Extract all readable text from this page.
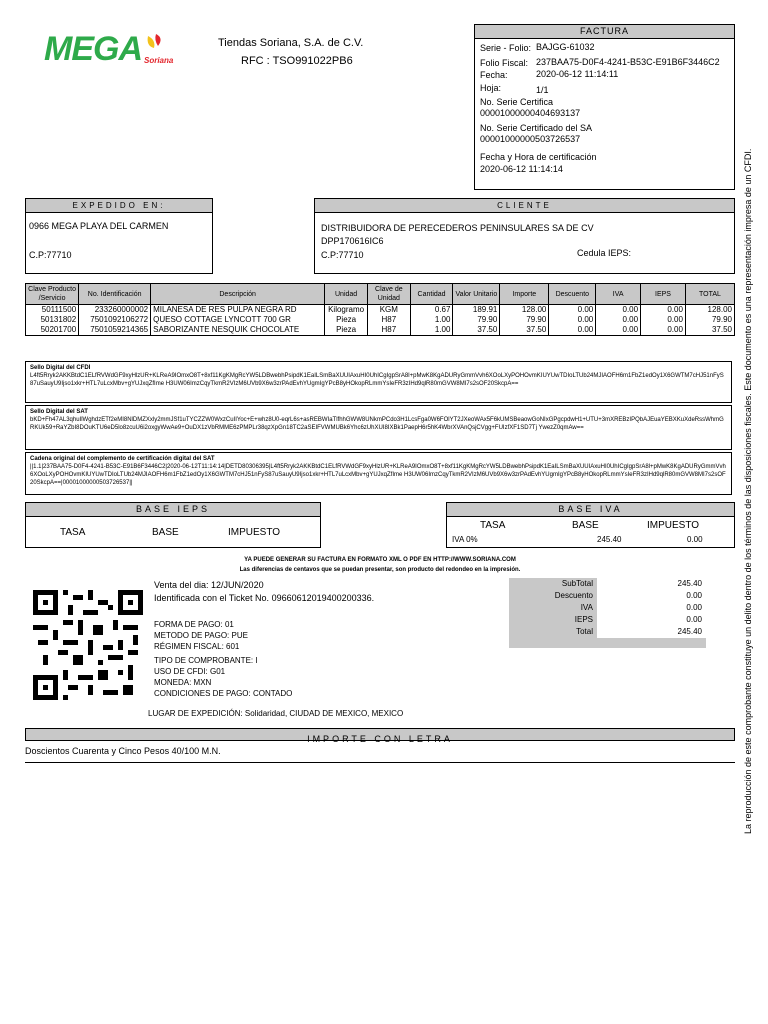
MEGA Soriana
Tiendas Soriana, S.A. de C.V.
RFC : TSO991022PB6
FACTURA
Serie - Folio: BAJGG-61032
Folio Fiscal: 237BAA75-D0F4-4241-B53C-E91B6F3446C2
Fecha:	2020-06-12 11:14:11
Hoja:	1/1
No. Serie Certifica
00001000000404693137
No. Serie Certificado del SA
00001000000503726537
Fecha y Hora de certificación
2020-06-12 11:14:14
EXPEDIDO EN:
0966 MEGA PLAYA DEL CARMEN
C.P:77710
CLIENTE
DISTRIBUIDORA DE PERECEDEROS PENINSULARES SA DE CV
DPP170616IC6
C.P:77710	Cedula IEPS:
Clave Producto /Servicio	No. Identificación	Descripción	Unidad	Clave de Unidad	Cantidad	Valor Unitario	Importe	Descuento	IVA	IEPS	TOTAL
50111500	233260000002	MILANESA DE RES PULPA NEGRA RD	Kilogramo	KGM	0.67	189.91	128.00	0.00	0.00	0.00	128.00
50131802	7501092106272	QUESO COTTAGE LYNCOTT 700 GR	Pieza	H87	1.00	79.90	79.90	0.00	0.00	0.00	79.90
50201700	7501059214365	SABORIZANTE NESQUIK CHOCOLATE	Pieza	H87	1.00	37.50	37.50	0.00	0.00	0.00	37.50
Sello Digital del CFDI
L4ft5Rryk2AKKBtdC1ELfRVWdGF9xyHlzUR+KLReA9IOmxO8T+8xf11KgKMgRcYW5LDBwebhPsipdK1EaILSmBaXUUIAxuHI0UhICgIgpSrA8l+pMwK8KgADURyGmmVvh6XOoLXyPOHOvmKIUYUwTDIoLTUb24MJIAOFH6m1FbZ1edOy1X6GWTM7cHJ51nFyS87uSauyU9Ijso1xkr+HTL7uLcxMbv+gYUJxqZfIme H3UW06ImzCqyTkmR2VIzM6UVb9X6w3zrPAdEvhYUgmIgYPcB8yHOkopRLmmYsIeFR3zIHd9qlR80mGVW8MI7s2sOF20SkcpA==
Sello Digital del SAT
bKD+Fh47AL3qhuIlWghdzETf2eMI8NlDMZXxly2mmJSf1uTYCZZW0WxzCuIIYoc+E+whz8U0-eqrL6s+asREBWIaTlfhhGWW8UNkmPCdo3H1LcsFga0W6FOlYT2JXeoWAx5F6kUMSBeaowGoNIxGPgcpdwH1+UTU+3mXREBzIPQbAJEuaYEBXKuXdeRssWhmGRKUk59+RaYZbI8DOuKTU6eD5lo8zcuU6i2oxgyWwAe9+OuDX1zVbRMME6zPMPLr38qzXpGn18TC2aSEIFVWMUBk6Yhc6zUhXUI8IXBk1PaepH6r5hK4WbrXVAnQsjCVgg+FUIzfXF1SD7Tj YwezZ0qmAw==
Cadena original del complemento de certificación digital del SAT
||1.1|237BAA75-D0F4-4241-B53C-E91B6F3446C2|2020-06-12T11:14:14|DETD80306395|L4ft5Rryk2AKKBtdC1ELfRVWdGF9xyHlzUR+KLReA9IOmxO8T+8xf11KgKMgRcYW5LDBwebhPsipdK1EaILSmBaXUUIAxuHI0UhICgIgpSrA8l+pMwK8KgADURyGmmVvh6XOoLXyPOHOvmKIUYUwTDIoLTUb24MJIAOFH6m1FbZ1edOy1X6GWTM7cHJ51nFyS87uSauyU9Ijso1xkr+HTL7uLcxMbv+gYUJxqZfIme H3UW06ImzCqyTkmR2VIzM6UVb9X6w3zrPAdEvhYUgmIgYPcB8yHOkopRLmmYsIeFR3zIHd9qlR80mGVW8MI7s2sOF20SkcpA==|00001000000503726537||
BASE IEPS
TASA	BASE	IMPUESTO
BASE IVA
TASA	BASE	IMPUESTO
IVA 0%	245.40	0.00
YA PUEDE GENERAR SU FACTURA EN FORMATO XML O PDF EN HTTP://WWW.SORIANA.COM
Las diferencias de centavos que se puedan presentar, son producto del redondeo en la impresión.
Venta del dia: 12/JUN/2020
Identificada con el Ticket No. 09660612019400200336.
FORMA DE PAGO: 01
METODO DE PAGO: PUE
RÉGIMEN FISCAL: 601
TIPO DE COMPROBANTE: I
USO DE CFDI: G01
MONEDA: MXN
CONDICIONES DE PAGO: CONTADO
LUGAR DE EXPEDICIÓN: Solidaridad, CIUDAD DE MEXICO, MEXICO
SubTotal	245.40
Descuento	0.00
IVA	0.00
IEPS	0.00
Total	245.40
IMPORTE CON LETRA
Doscientos Cuarenta y Cinco Pesos 40/100 M.N.	La reproducción de este comprobante constituye un delito dentro de los términos de las disposiciones fiscales. Este documento es una representación impresa de un CFDI.
